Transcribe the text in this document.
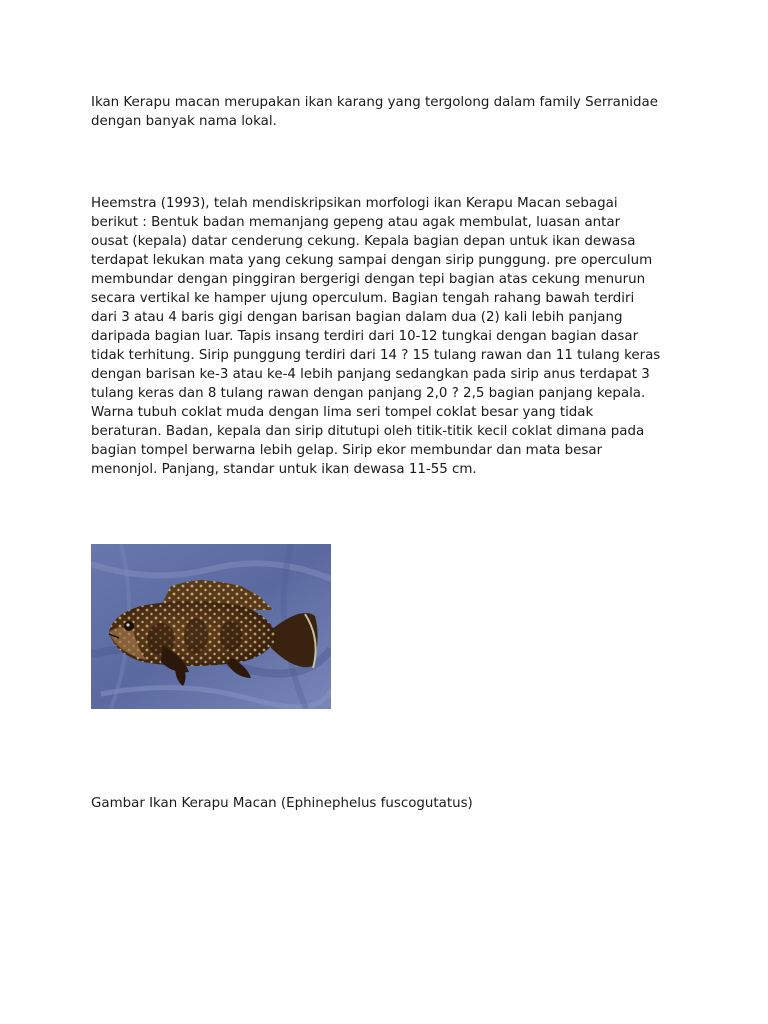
Ikan Kerapu macan merupakan ikan karang yang tergolong dalam family Serranidae
dengan banyak nama lokal.

Heemstra (1993), telah mendiskripsikan morfologi ikan Kerapu Macan sebagai
berikut : Bentuk badan memanjang gepeng atau agak membulat, luasan antar
ousat (kepala) datar cenderung cekung. Kepala bagian depan untuk ikan dewasa
terdapat lekukan mata yang cekung sampai dengan sirip punggung. pre operculum
membundar dengan pinggiran bergerigi dengan tepi bagian atas cekung menurun
secara vertikal ke hamper ujung operculum. Bagian tengah rahang bawah terdiri
dari 3 atau 4 baris gigi dengan barisan bagian dalam dua (2) kali lebih panjang
daripada bagian luar. Tapis insang terdiri dari 10-12 tungkai dengan bagian dasar
tidak terhitung. Sirip punggung terdiri dari 14 ? 15 tulang rawan dan 11 tulang keras
dengan barisan ke-3 atau ke-4 lebih panjang sedangkan pada sirip anus terdapat 3
tulang keras dan 8 tulang rawan dengan panjang 2,0 ? 2,5 bagian panjang kepala.
Warna tubuh coklat muda dengan lima seri tompel coklat besar yang tidak
beraturan. Badan, kepala dan sirip ditutupi oleh titik-titik kecil coklat dimana pada
bagian tompel berwarna lebih gelap. Sirip ekor membundar dan mata besar
menonjol. Panjang, standar untuk ikan dewasa 11-55 cm.

Gambar Ikan Kerapu Macan (Ephinephelus fuscogutatus)
